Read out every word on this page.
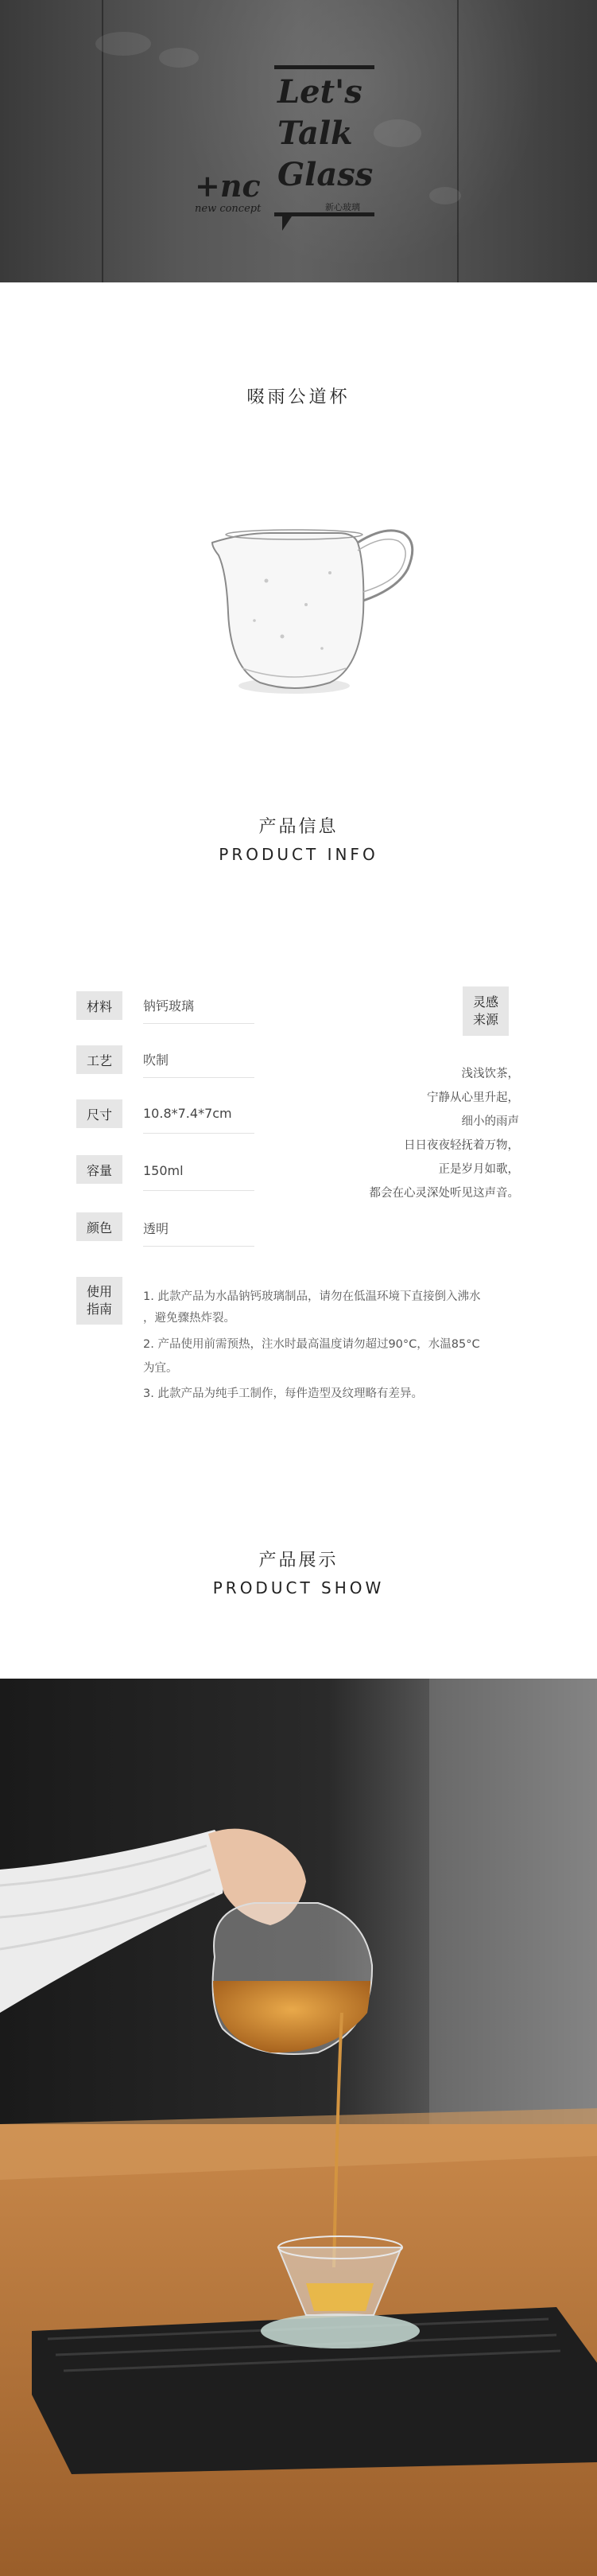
+nc
new concept
Let's
Talk
Glass
新心玻璃
啜雨公道杯
产品信息
PRODUCT INFO
材料	钠钙玻璃
工艺	吹制
尺寸	10.8*7.4*7cm
容量	150ml
颜色	透明
使用
指南
1. 此款产品为水晶钠钙玻璃制品，请勿在低温环境下直接倒入沸水
，避免骤热炸裂。
2. 产品使用前需预热，注水时最高温度请勿超过90°C，水温85°C
为宜。
3. 此款产品为纯手工制作，每件造型及纹理略有差异。
灵感
来源
浅浅饮茶，
宁静从心里升起，
细小的雨声
日日夜夜轻抚着万物，
正是岁月如歌，
都会在心灵深处听见这声音。
产品展示
PRODUCT SHOW
